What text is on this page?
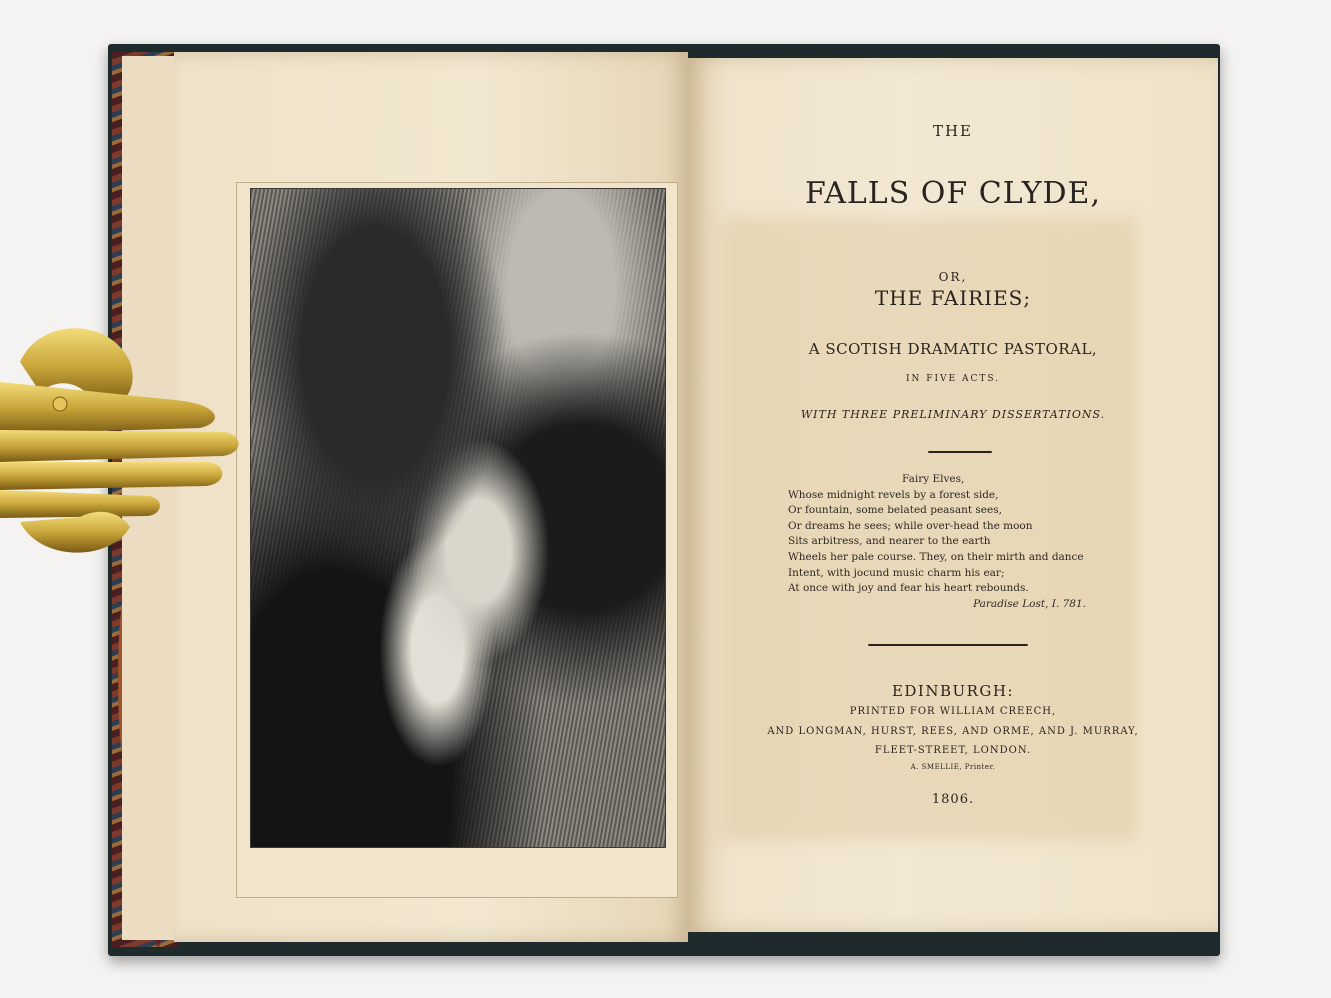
THE

FALLS OF CLYDE,

OR,

THE FAIRIES;

A SCOTISH DRAMATIC PASTORAL,

IN FIVE ACTS.

WITH THREE PRELIMINARY DISSERTATIONS.

Fairy Elves,
Whose midnight revels by a forest side,
Or fountain, some belated peasant sees,
Or dreams he sees; while over-head the moon
Sits arbitress, and nearer to the earth
Wheels her pale course. They, on their mirth and dance
Intent, with jocund music charm his ear;
At once with joy and fear his heart rebounds.
Paradise Lost, I. 781.

EDINBURGH:

PRINTED FOR WILLIAM CREECH,

AND LONGMAN, HURST, REES, AND ORME, AND J. MURRAY,

FLEET-STREET, LONDON.

A. SMELLIE, Printer.

1806.
